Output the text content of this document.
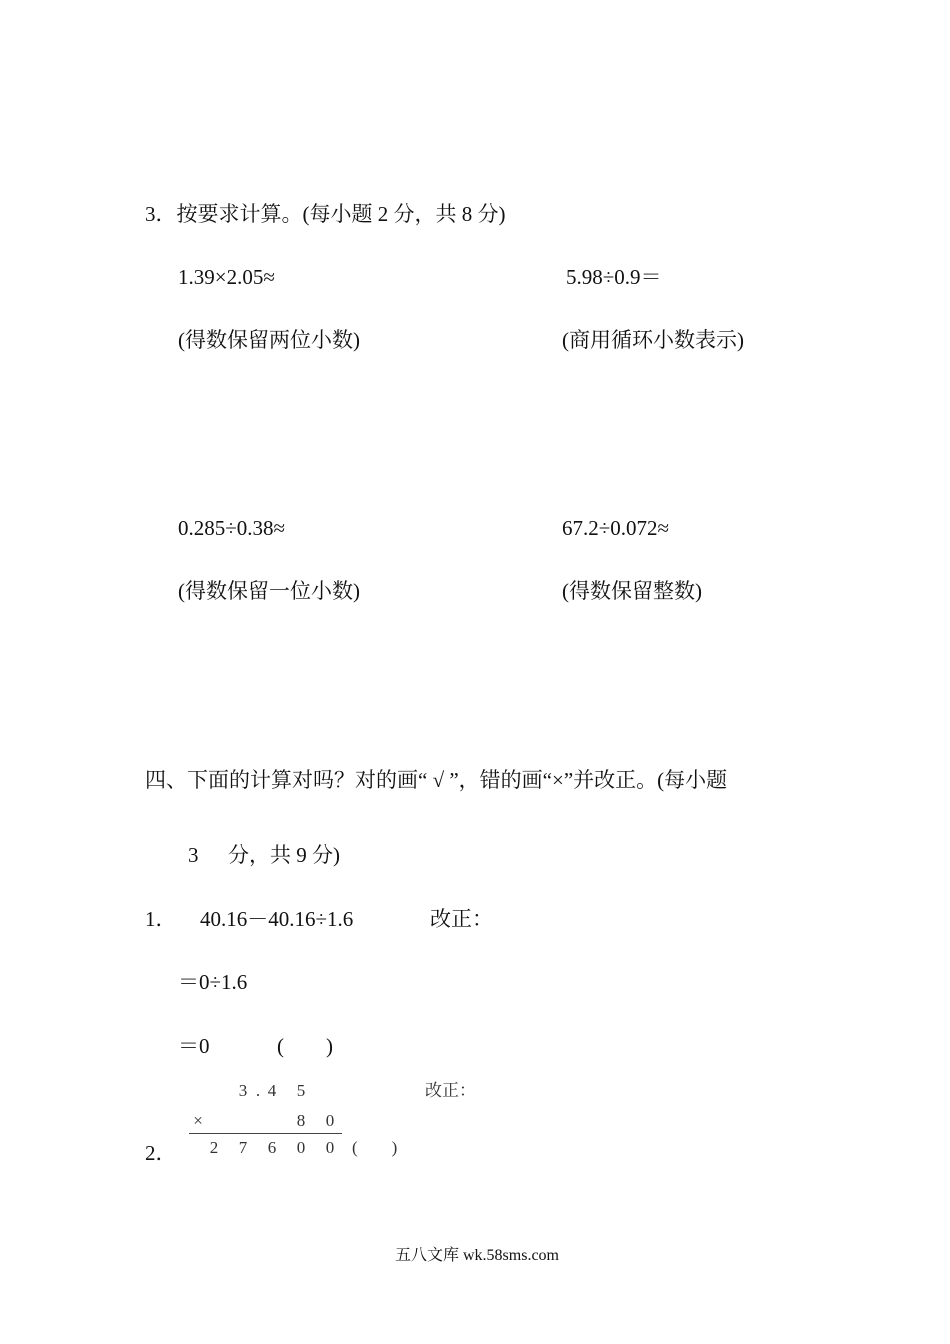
3．按要求计算。(每小题 2 分，共 8 分)
1.39×2.05≈
(得数保留两位小数)
5.98÷0.9＝
(商用循环小数表示)
0.285÷0.38≈
(得数保留一位小数)
67.2÷0.072≈
(得数保留整数)
四、下面的计算对吗？对的画“ √ ”，错的画“×”并改正。(每小题
3 分，共 9 分)
1． 40.16－40.16÷1.6	改正：
＝0÷1.6
＝0	(　　)
2．
3 . 4 5
×	8 0
2 7 6 0 0 (　　)
改正：
五八文库 wk.58sms.com
